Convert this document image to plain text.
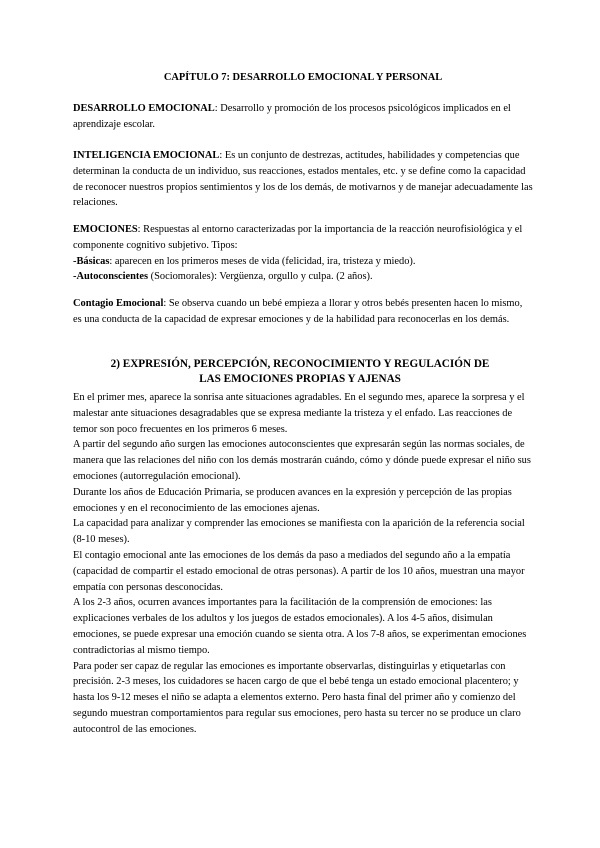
CAPÍTULO 7: DESARROLLO EMOCIONAL Y PERSONAL
DESARROLLO EMOCIONAL: Desarrollo y promoción de los procesos psicológicos implicados en el aprendizaje escolar.
INTELIGENCIA EMOCIONAL: Es un conjunto de destrezas, actitudes, habilidades y competencias que determinan la conducta de un individuo, sus reacciones, estados mentales, etc. y se define como la capacidad de reconocer nuestros propios sentimientos y los de los demás, de motivarnos y de manejar adecuadamente las relaciones.

EMOCIONES: Respuestas al entorno caracterizadas por la importancia de la reacción neurofisiológica y el componente cognitivo subjetivo. Tipos:

-Básicas: aparecen en los primeros meses de vida (felicidad, ira, tristeza y miedo).

-Autoconscientes (Sociomorales): Vergüenza, orgullo y culpa. (2 años).

Contagio Emocional: Se observa cuando un bebé empieza a llorar y otros bebés presenten hacen lo mismo, es una conducta de la capacidad de expresar emociones y de la habilidad para reconocerlas en los demás.
2) EXPRESIÓN, PERCEPCIÓN, RECONOCIMIENTO Y REGULACIÓN DE LAS EMOCIONES PROPIAS Y AJENAS

En el primer mes, aparece la sonrisa ante situaciones agradables. En el segundo mes, aparece la sorpresa y el malestar ante situaciones desagradables que se expresa mediante la tristeza y el enfado. Las reacciones de temor son poco frecuentes en los primeros 6 meses.

A partir del segundo año surgen las emociones autoconscientes que expresarán según las normas sociales, de manera que las relaciones del niño con los demás mostrarán cuándo, cómo y dónde puede expresar el niño sus emociones (autorregulación emocional).

Durante los años de Educación Primaria, se producen avances en la expresión y percepción de las propias emociones y en el reconocimiento de las emociones ajenas.

La capacidad para analizar y comprender las emociones se manifiesta con la aparición de la referencia social (8-10 meses).

El contagio emocional ante las emociones de los demás da paso a mediados del segundo año a la empatía (capacidad de compartir el estado emocional de otras personas). A partir de los 10 años, muestran una mayor empatía con personas desconocidas.

A los 2-3 años, ocurren avances importantes para la facilitación de la comprensión de emociones: las explicaciones verbales de los adultos y los juegos de estados emocionales). A los 4-5 años, disimulan emociones, se puede expresar una emoción cuando se sienta otra. A los 7-8 años, se experimentan emociones contradictorias al mismo tiempo.

Para poder ser capaz de regular las emociones es importante observarlas, distinguirlas y etiquetarlas con precisión. 2-3 meses, los cuidadores se hacen cargo de que el bebé tenga un estado emocional placentero; y hasta los 9-12 meses el niño se adapta a elementos externo. Pero hasta final del primer año y comienzo del segundo muestran comportamientos para regular sus emociones, pero hasta su tercer no se produce un claro autocontrol de las emociones.
